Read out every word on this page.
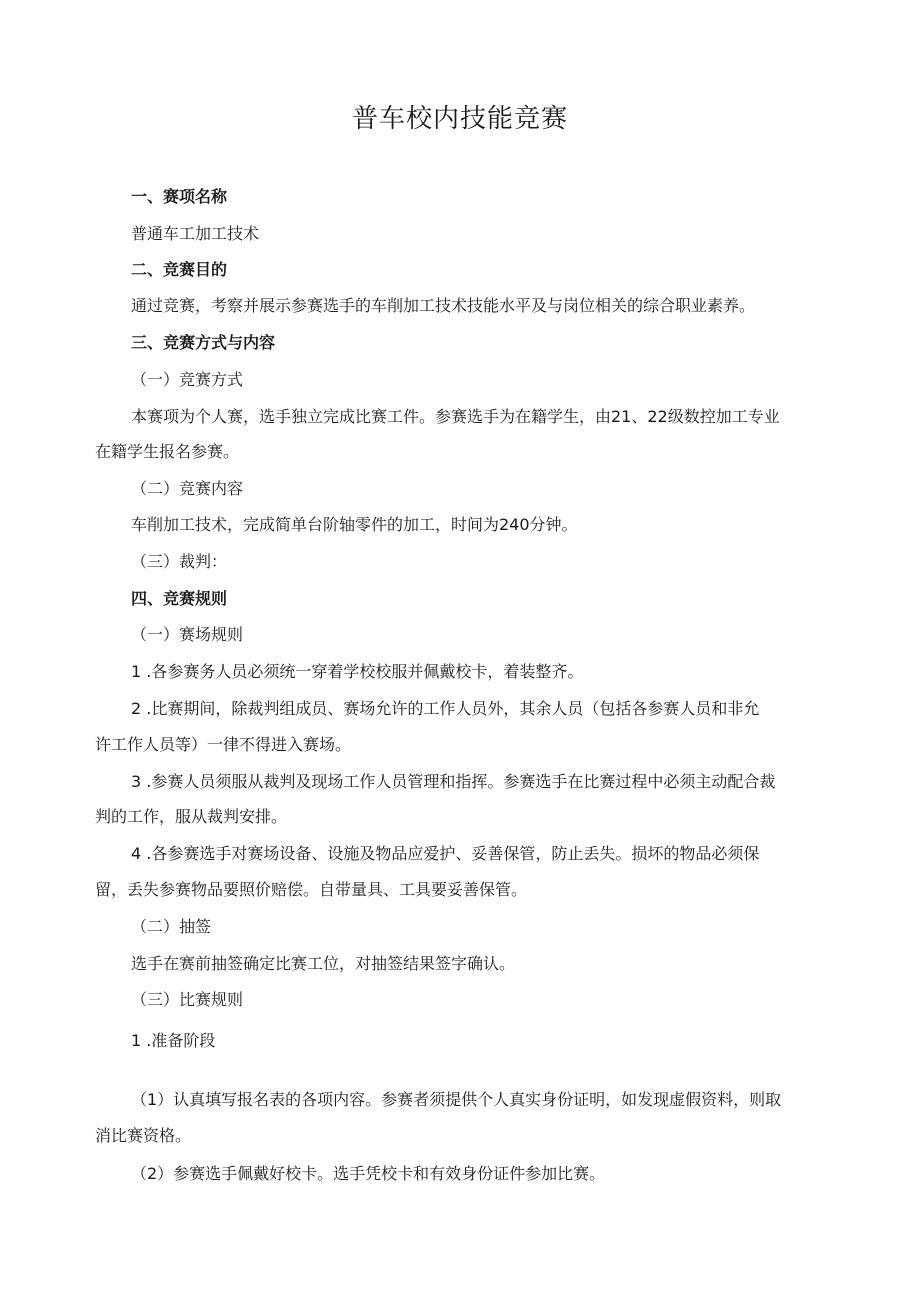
普车校内技能竞赛
一、赛项名称
普通车工加工技术
二、竞赛目的
通过竞赛，考察并展示参赛选手的车削加工技术技能水平及与岗位相关的综合职业素养。
三、竞赛方式与内容
（一）竞赛方式
本赛项为个人赛，选手独立完成比赛工件。参赛选手为在籍学生，由21、22级数控加工专业
在籍学生报名参赛。
（二）竞赛内容
车削加工技术，完成简单台阶轴零件的加工，时间为240分钟。
（三）裁判：
四、竞赛规则
（一）赛场规则
1 .各参赛务人员必须统一穿着学校校服并佩戴校卡，着装整齐。
2 .比赛期间，除裁判组成员、赛场允许的工作人员外，其余人员（包括各参赛人员和非允
许工作人员等）一律不得进入赛场。
3 .参赛人员须服从裁判及现场工作人员管理和指挥。参赛选手在比赛过程中必须主动配合裁
判的工作，服从裁判安排。
4 .各参赛选手对赛场设备、设施及物品应爱护、妥善保管，防止丢失。损坏的物品必须保
留，丢失参赛物品要照价赔偿。自带量具、工具要妥善保管。
（二）抽签
选手在赛前抽签确定比赛工位，对抽签结果签字确认。
（三）比赛规则
1 .准备阶段
（1）认真填写报名表的各项内容。参赛者须提供个人真实身份证明，如发现虚假资料，则取
消比赛资格。
（2）参赛选手佩戴好校卡。选手凭校卡和有效身份证件参加比赛。
